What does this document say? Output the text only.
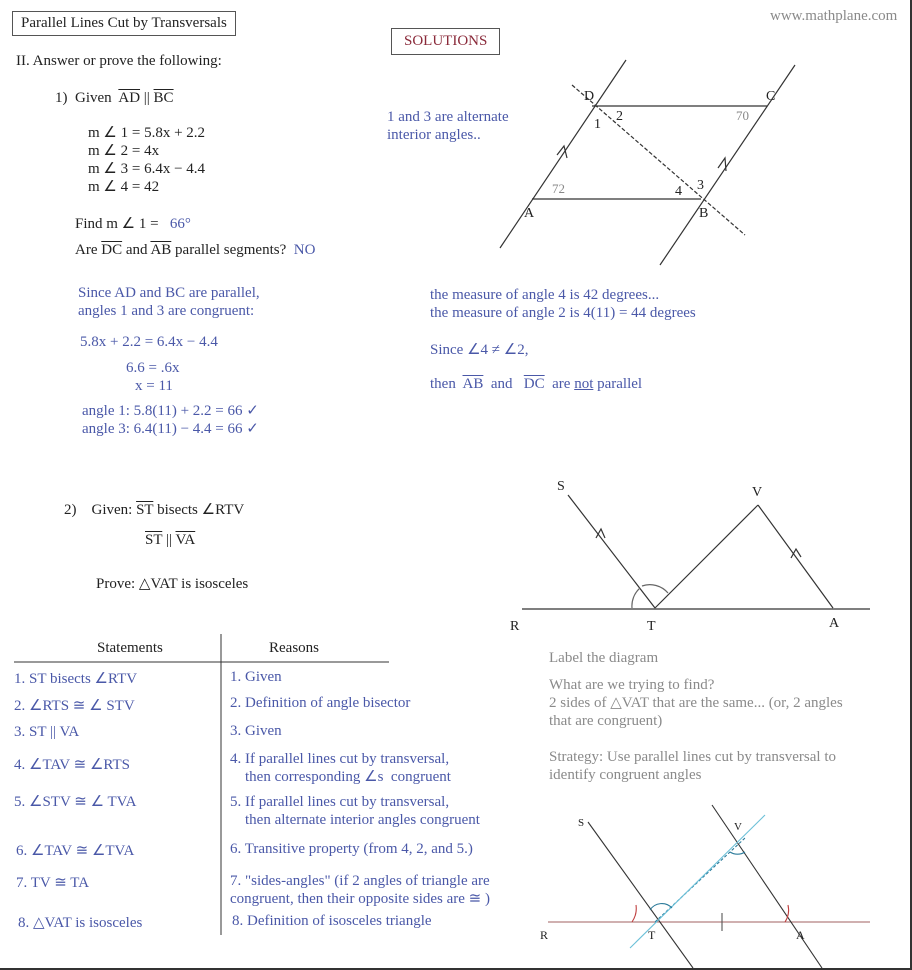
Parallel Lines Cut by Transversals	www.mathplane.com
SOLUTIONS
II. Answer or prove the following:
1) Given $\overline{AD}$ || $\overline{BC}$
m ∠ 1 = 5.8x + 2.2
m ∠ 2 = 4x
m ∠ 3 = 6.4x − 4.4
m ∠ 4 = 42
Find m ∠ 1 = 66°
Are $\overline{DC}$ and $\overline{AB}$ parallel segments? NO
1 and 3 are alternate
interior angles..
Since AD and BC are parallel,
angles 1 and 3 are congruent:
5.8x + 2.2 = 6.4x − 4.4
6.6 = .6x
x = 11
angle 1: 5.8(11) + 2.2 = 66 ✓
angle 3: 6.4(11) − 4.4 = 66 ✓
the measure of angle 4 is 42 degrees...
the measure of angle 2 is 4(11) = 44 degrees
Since ∠4 ≠ ∠2,
then $\overline{AB}$ and $\overline{DC}$ are not parallel
D	C
A	B
1
2
3
4
70
72
S	V
R	T	A
S	V
R	T	A
2) Given: $\overline{ST}$ bisects ∠RTV
$\overline{ST}$ || $\overline{VA}$
Prove: △VAT is isosceles
Statements	Reasons
1. ST bisects ∠RTV	1. Given
2. ∠RTS ≅ ∠ STV	2. Definition of angle bisector
3. ST || VA	3. Given
4. ∠TAV ≅ ∠RTS	4. If parallel lines cut by transversal,
then corresponding ∠s  congruent
5. ∠STV ≅ ∠ TVA	5. If parallel lines cut by transversal,
then alternate interior angles congruent
6. ∠TAV ≅ ∠TVA	6. Transitive property (from 4, 2, and 5.)
7. TV ≅ TA	7. "sides-angles" (if 2 angles of triangle are
congruent, then their opposite sides are ≅ )
8. △VAT is isosceles	8. Definition of isosceles triangle
Label the diagram
What are we trying to find?
2 sides of △VAT that are the same... (or, 2 angles
that are congruent)
Strategy: Use parallel lines cut by transversal to
identify congruent angles
